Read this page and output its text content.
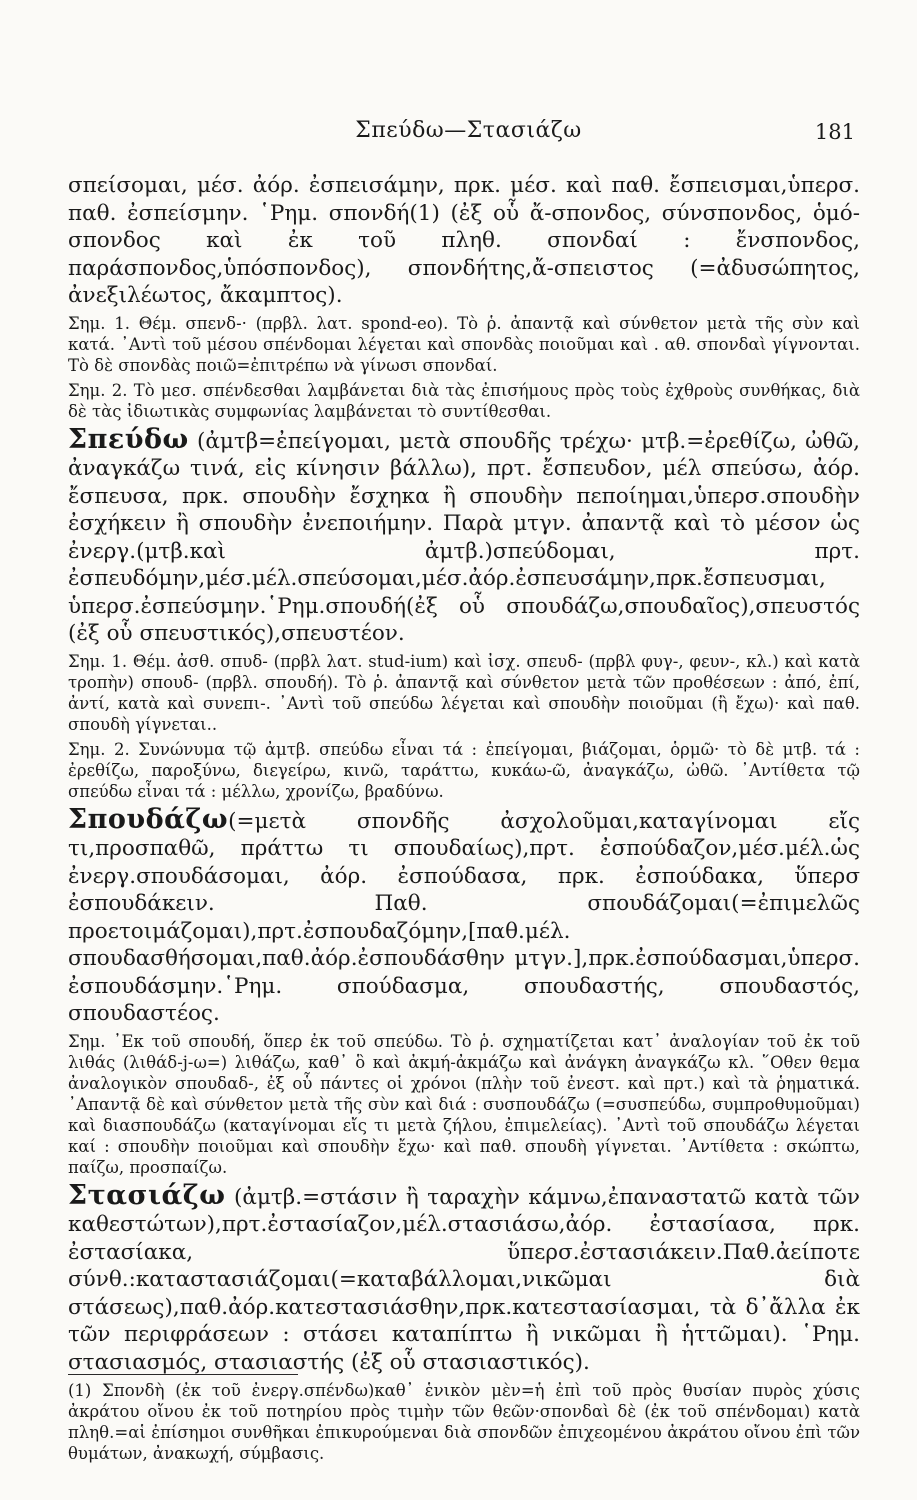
Σπεύδω—Στασιάζω	181

σπείσομαι, μέσ. ἀόρ. ἐσπεισάμην, πρκ. μέσ. καὶ παθ. ἔσπεισμαι,ὑπερσ. παθ. ἐσπείσμην. ῾Ρημ. σπονδή(1) (ἐξ οὗ ἄ-σπονδος, σύνσπονδος, ὁμό-σπονδος καὶ ἐκ τοῦ πληθ. σπονδαί : ἔνσπονδος, παράσπονδος,ὑπόσπονδος), σπονδήτης,ἄ-σπειστος (=ἀδυσώπητος, ἀνεξιλέωτος, ἄκαμπτος).

Σημ. 1. Θέμ. σπενδ-· (πρβλ. λατ. spond-eo). Τὸ ῥ. ἀπαντᾷ καὶ σύνθετον μετὰ τῆς σὺν καὶ κατά. ᾿Αντὶ τοῦ μέσου σπένδομαι λέγεται καὶ σπονδὰς ποιοῦμαι καὶ . αθ. σπονδαὶ γίγνονται. Τὸ δὲ σπονδὰς ποιῶ=ἐπιτρέπω νὰ γίνωσι σπονδαί.

Σημ. 2. Τὸ μεσ. σπένδεσθαι λαμβάνεται διὰ τὰς ἐπισήμους πρὸς τοὺς ἐχθροὺς συνθήκας, διὰ δὲ τὰς ἰδιωτικὰς συμφωνίας λαμβάνεται τὸ συντίθεσθαι.

Σπεύδω (ἀμτβ=ἐπείγομαι, μετὰ σπουδῆς τρέχω· μτβ.=ἐρεθίζω, ὠθῶ, ἀναγκάζω τινά, εἰς κίνησιν βάλλω), πρτ. ἔσπευδον, μέλ σπεύσω, ἀόρ. ἔσπευσα, πρκ. σπουδὴν ἔσχηκα ἢ σπουδὴν πεποίημαι,ὑπερσ.σπουδὴν ἐσχήκειν ἢ σπουδὴν ἐνεποιήμην. Παρὰ μτγν. ἀπαντᾷ καὶ τὸ μέσον ὡς ἐνεργ.(μτβ.καὶ ἀμτβ.)σπεύδομαι, πρτ. ἐσπευδόμην,μέσ.μέλ.σπεύσομαι,μέσ.ἀόρ.ἐσπευσάμην,πρκ.ἔσπευσμαι, ὑπερσ.ἐσπεύσμην.῾Ρημ.σπουδή(ἐξ οὗ σπουδάζω,σπουδαῖος),σπευστός (ἐξ οὗ σπευστικός),σπευστέον.

Σημ. 1. Θέμ. ἀσθ. σπυδ- (πρβλ λατ. stud-ium) καὶ ἰσχ. σπευδ- (πρβλ φυγ-, φευν-, κλ.) καὶ κατὰ τροπὴν) σπουδ- (πρβλ. σπουδή). Τὸ ῥ. ἀπαντᾷ καὶ σύνθετον μετὰ τῶν προθέσεων : ἀπό, ἐπί, ἀντί, κατὰ καὶ συνεπι-. ᾿Αντὶ τοῦ σπεύδω λέγεται καὶ σπουδὴν ποιοῦμαι (ἢ ἔχω)· καὶ παθ. σπουδὴ γίγνεται..

Σημ. 2. Συνώνυμα τῷ ἀμτβ. σπεύδω εἶναι τά : ἐπείγομαι, βιάζομαι, ὁρμῶ· τὸ δὲ μτβ. τά : ἐρεθίζω, παροξύνω, διεγείρω, κινῶ, ταράττω, κυκάω-ῶ, ἀναγκάζω, ὠθῶ. ᾿Αντίθετα τῷ σπεύδω εἶναι τά : μέλλω, χρονίζω, βραδύνω.

Σπουδάζω(=μετὰ σπονδῆς ἀσχολοῦμαι,καταγίνομαι εἴς τι,προσπαθῶ, πράττω τι σπουδαίως),πρτ. ἐσπούδαζον,μέσ.μέλ.ὡς ἐνεργ.σπουδάσομαι, ἀόρ. ἐσπούδασα, πρκ. ἐσπούδακα, ὕπερσ ἐσπουδάκειν. Παθ. σπουδάζομαι(=ἐπιμελῶς προετοιμάζομαι),πρτ.ἐσπουδαζόμην,[παθ.μέλ. σπουδασθήσομαι,παθ.ἀόρ.ἐσπουδάσθην μτγν.],πρκ.ἐσπούδασμαι,ὑπερσ. ἐσπουδάσμην.῾Ρημ. σπούδασμα, σπουδαστής, σπουδαστός, σπουδαστέος.

Σημ. ᾿Εκ τοῦ σπουδή, ὅπερ ἐκ τοῦ σπεύδω. Τὸ ῥ. σχηματίζεται κατ᾿ ἀναλογίαν τοῦ ἐκ τοῦ λιθάς (λιθάδ-j-ω=) λιθάζω, καθ᾿ ὃ καὶ ἀκμή-ἀκμάζω καὶ ἀνάγκη ἀναγκάζω κλ. ῞Οθεν θεμα ἀναλογικὸν σπουδαδ-, ἐξ οὗ πάντες οἱ χρόνοι (πλὴν τοῦ ἐνεστ. καὶ πρτ.) καὶ τὰ ῥηματικά. ᾿Απαντᾷ δὲ καὶ σύνθετον μετὰ τῆς σὺν καὶ διά : συσπουδάζω (=συσπεύδω, συμπροθυμοῦμαι) καὶ διασπουδάζω (καταγίνομαι εἴς τι μετὰ ζήλου, ἐπιμελείας). ᾿Αντὶ τοῦ σπουδάζω λέγεται καί : σπουδὴν ποιοῦμαι καὶ σπουδὴν ἔχω· καὶ παθ. σπουδὴ γίγνεται. ᾿Αντίθετα : σκώπτω, παίζω, προσπαίζω.

Στασιάζω (ἀμτβ.=στάσιν ἢ ταραχὴν κάμνω,ἐπαναστατῶ κατὰ τῶν καθεστώτων),πρτ.ἐστασίαζον,μέλ.στασιάσω,ἀόρ. ἐστασίασα, πρκ. ἐστασίακα, ὕπερσ.ἐστασιάκειν.Παθ.ἀείποτε σύνθ.:καταστασιάζομαι(=καταβάλλομαι,νικῶμαι διὰ στάσεως),παθ.ἀόρ.κατεστασιάσθην,πρκ.κατεστασίασμαι, τὰ δ᾿ἄλλα ἐκ τῶν περιφράσεων : στάσει καταπίπτω ἢ νικῶμαι ἢ ἡττῶμαι). ῾Ρημ. στασιασμός, στασιαστής (ἐξ οὗ στασιαστικός).

(1) Σπονδὴ (ἐκ τοῦ ἐνεργ.σπένδω)καθ᾿ ἑνικὸν μὲν=ἡ ἐπὶ τοῦ πρὸς θυσίαν πυρὸς χύσις ἀκράτου οἴνου ἐκ τοῦ ποτηρίου πρὸς τιμὴν τῶν θεῶν·σπονδαὶ δὲ (ἐκ τοῦ σπένδομαι) κατὰ πληθ.=αἱ ἐπίσημοι συνθῆκαι ἐπικυρούμεναι διὰ σπονδῶν ἐπιχεομένου ἀκράτου οἴνου ἐπὶ τῶν θυμάτων, ἀνακωχή, σύμβασις.
